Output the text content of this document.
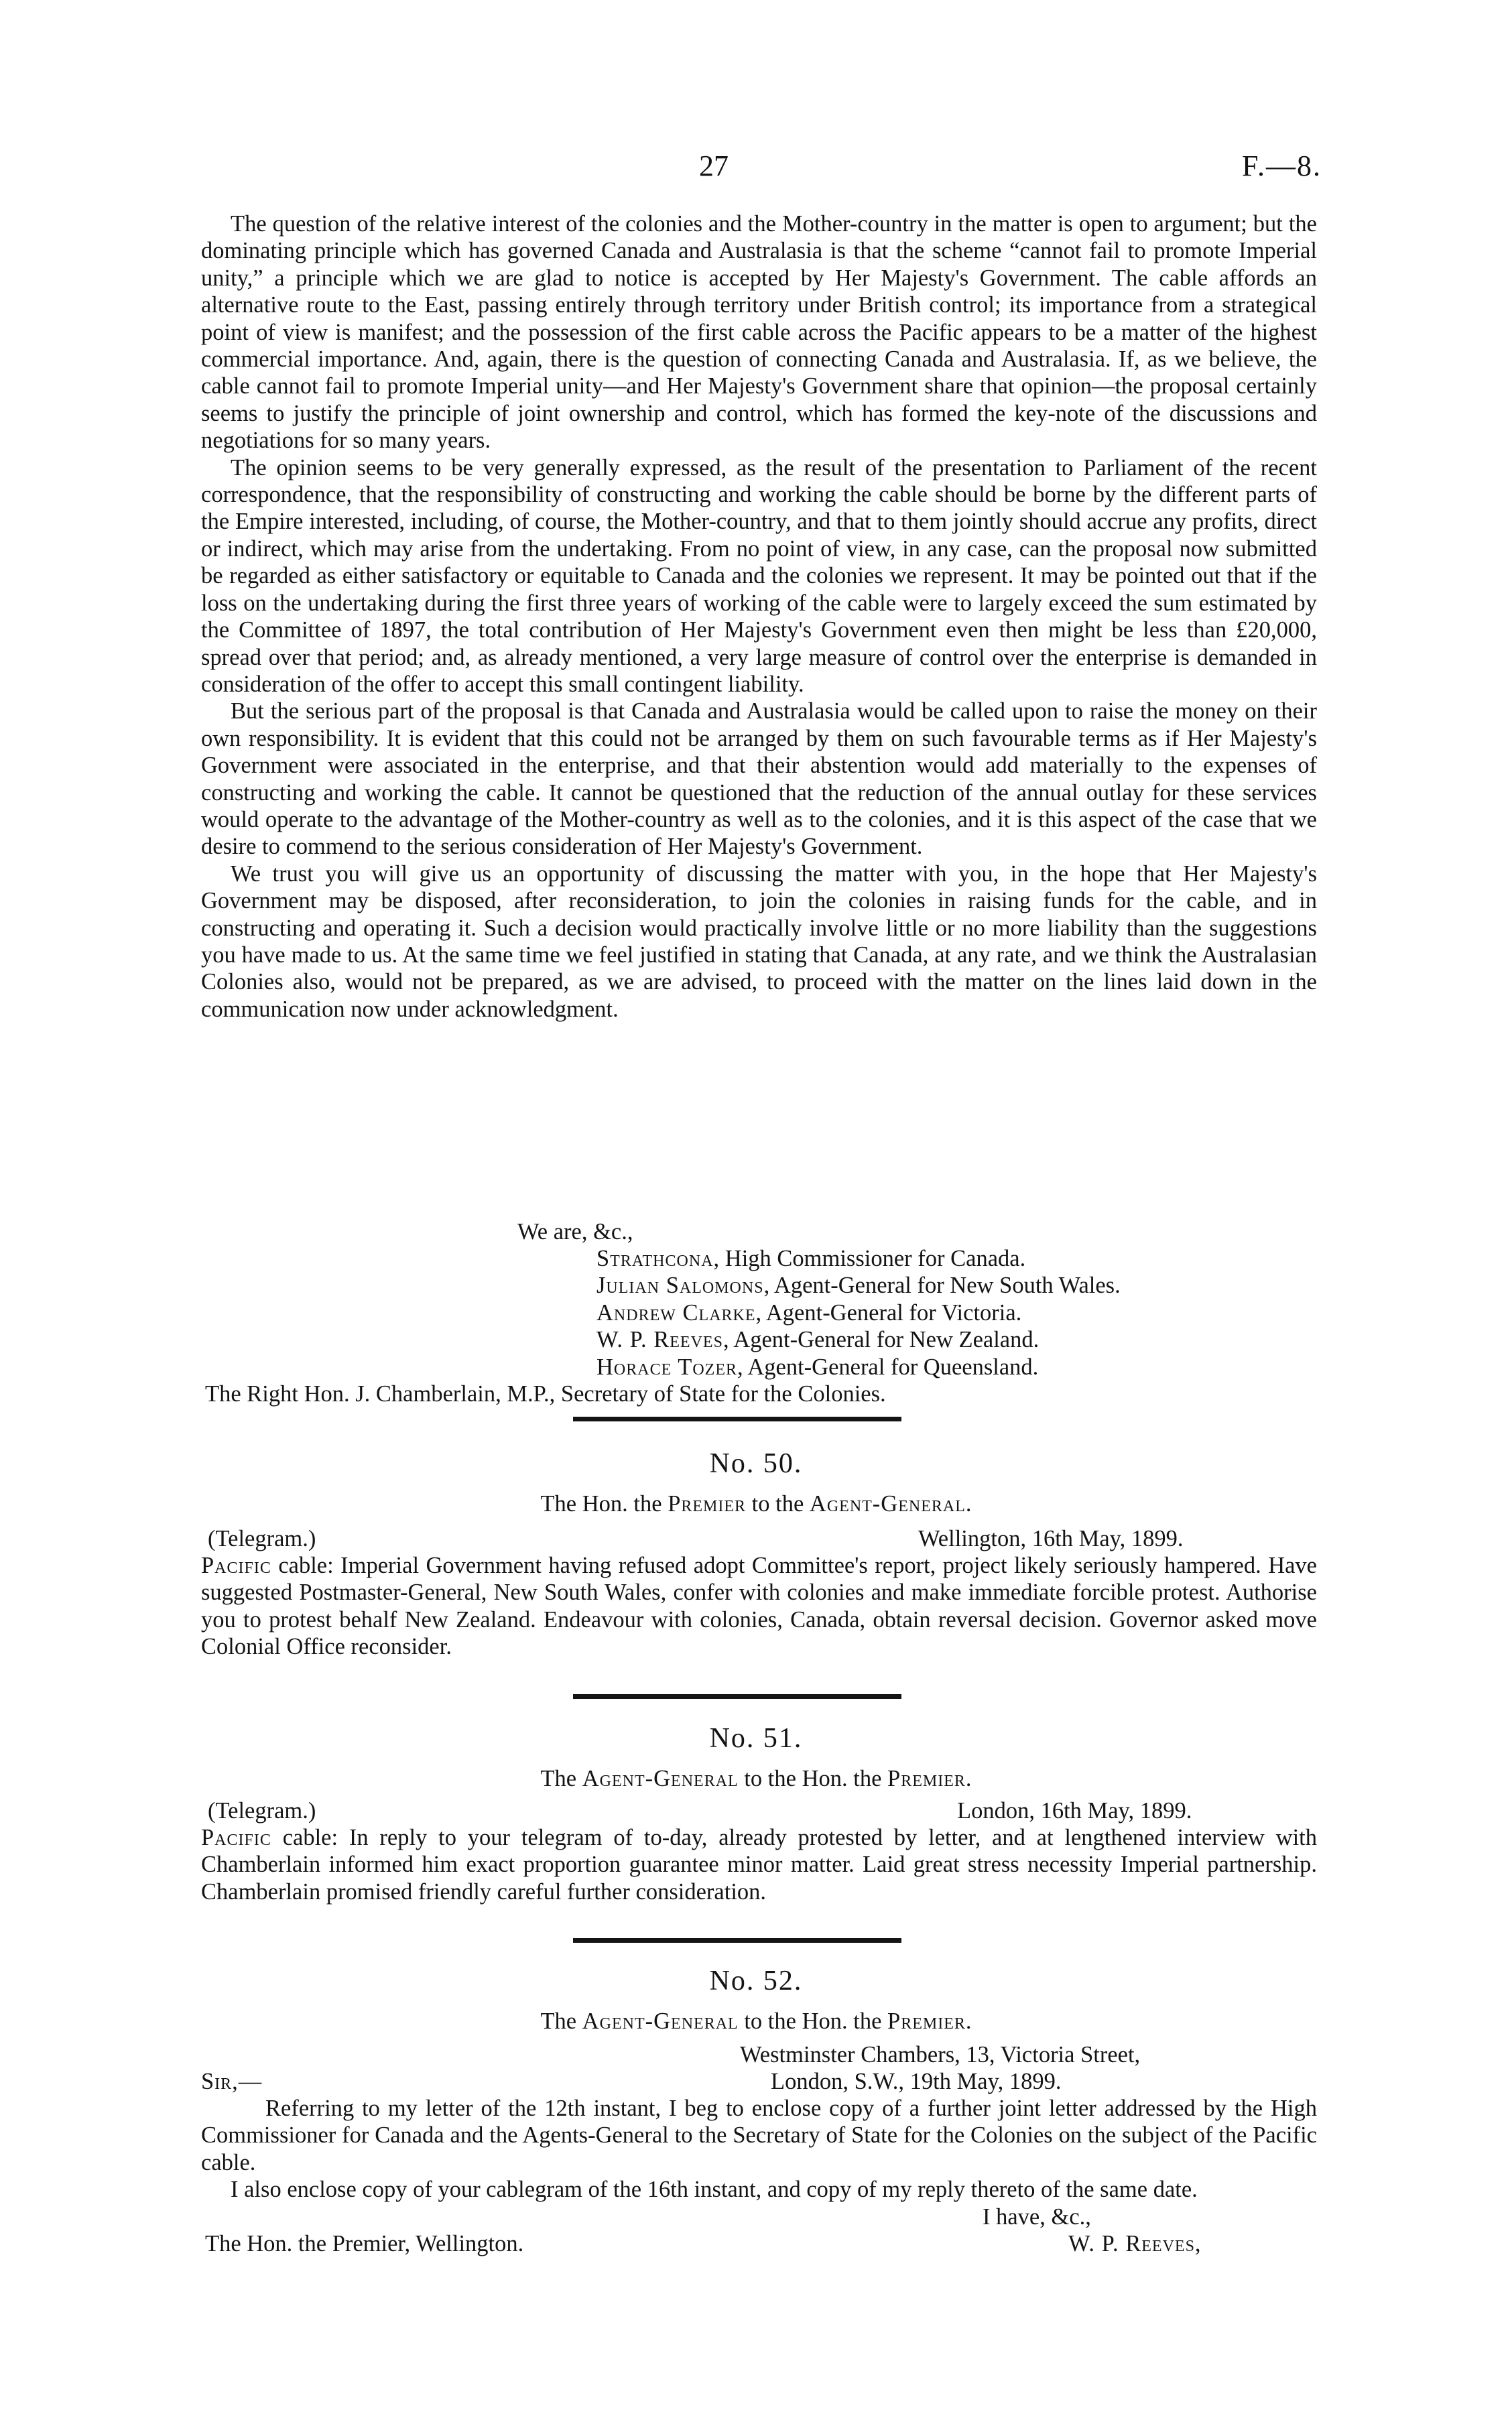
27	F.—8.

The question of the relative interest of the colonies and the Mother-country in the matter is open to argument; but the dominating principle which has governed Canada and Australasia is that the scheme “cannot fail to promote Imperial unity,” a principle which we are glad to notice is accepted by Her Majesty's Government. The cable affords an alternative route to the East, passing entirely through territory under British control; its importance from a strategical point of view is manifest; and the possession of the first cable across the Pacific appears to be a matter of the highest commercial importance. And, again, there is the question of connecting Canada and Australasia. If, as we believe, the cable cannot fail to promote Imperial unity—and Her Majesty's Government share that opinion—the proposal certainly seems to justify the principle of joint ownership and control, which has formed the key-note of the discussions and negotiations for so many years.

The opinion seems to be very generally expressed, as the result of the presentation to Parliament of the recent correspondence, that the responsibility of constructing and working the cable should be borne by the different parts of the Empire interested, including, of course, the Mother-country, and that to them jointly should accrue any profits, direct or indirect, which may arise from the undertaking. From no point of view, in any case, can the proposal now submitted be regarded as either satisfactory or equitable to Canada and the colonies we represent. It may be pointed out that if the loss on the undertaking during the first three years of working of the cable were to largely exceed the sum estimated by the Committee of 1897, the total contribution of Her Majesty's Government even then might be less than £20,000, spread over that period; and, as already mentioned, a very large measure of control over the enterprise is demanded in consideration of the offer to accept this small contingent liability.

But the serious part of the proposal is that Canada and Australasia would be called upon to raise the money on their own responsibility. It is evident that this could not be arranged by them on such favourable terms as if Her Majesty's Government were associated in the enterprise, and that their abstention would add materially to the expenses of constructing and working the cable. It cannot be questioned that the reduction of the annual outlay for these services would operate to the advantage of the Mother-country as well as to the colonies, and it is this aspect of the case that we desire to commend to the serious consideration of Her Majesty's Government.

We trust you will give us an opportunity of discussing the matter with you, in the hope that Her Majesty's Government may be disposed, after reconsideration, to join the colonies in raising funds for the cable, and in constructing and operating it. Such a decision would practically involve little or no more liability than the suggestions you have made to us. At the same time we feel justified in stating that Canada, at any rate, and we think the Australasian Colonies also, would not be prepared, as we are advised, to proceed with the matter on the lines laid down in the communication now under acknowledgment.

We are, &c.,
Strathcona, High Commissioner for Canada.
Julian Salomons, Agent-General for New South Wales.
Andrew Clarke, Agent-General for Victoria.
W. P. Reeves, Agent-General for New Zealand.
Horace Tozer, Agent-General for Queensland.
The Right Hon. J. Chamberlain, M.P., Secretary of State for the Colonies.
No. 50.
The Hon. the Premier to the Agent-General.
(Telegram.)	Wellington, 16th May, 1899.

Pacific cable: Imperial Government having refused adopt Committee's report, project likely seriously hampered. Have suggested Postmaster-General, New South Wales, confer with colonies and make immediate forcible protest. Authorise you to protest behalf New Zealand. Endeavour with colonies, Canada, obtain reversal decision. Governor asked move Colonial Office reconsider.

No. 51.
The Agent-General to the Hon. the Premier.
(Telegram.)	London, 16th May, 1899.

Pacific cable: In reply to your telegram of to-day, already protested by letter, and at lengthened interview with Chamberlain informed him exact proportion guarantee minor matter. Laid great stress necessity Imperial partnership. Chamberlain promised friendly careful further consideration.

No. 52.
The Agent-General to the Hon. the Premier.
Westminster Chambers, 13, Victoria Street,
London, S.W., 19th May, 1899.
Sir,—

Referring to my letter of the 12th instant, I beg to enclose copy of a further joint letter addressed by the High Commissioner for Canada and the Agents-General to the Secretary of State for the Colonies on the subject of the Pacific cable.

I also enclose copy of your cablegram of the 16th instant, and copy of my reply thereto of the same date.

I have, &c.,
The Hon. the Premier, Wellington.	W. P. Reeves,
